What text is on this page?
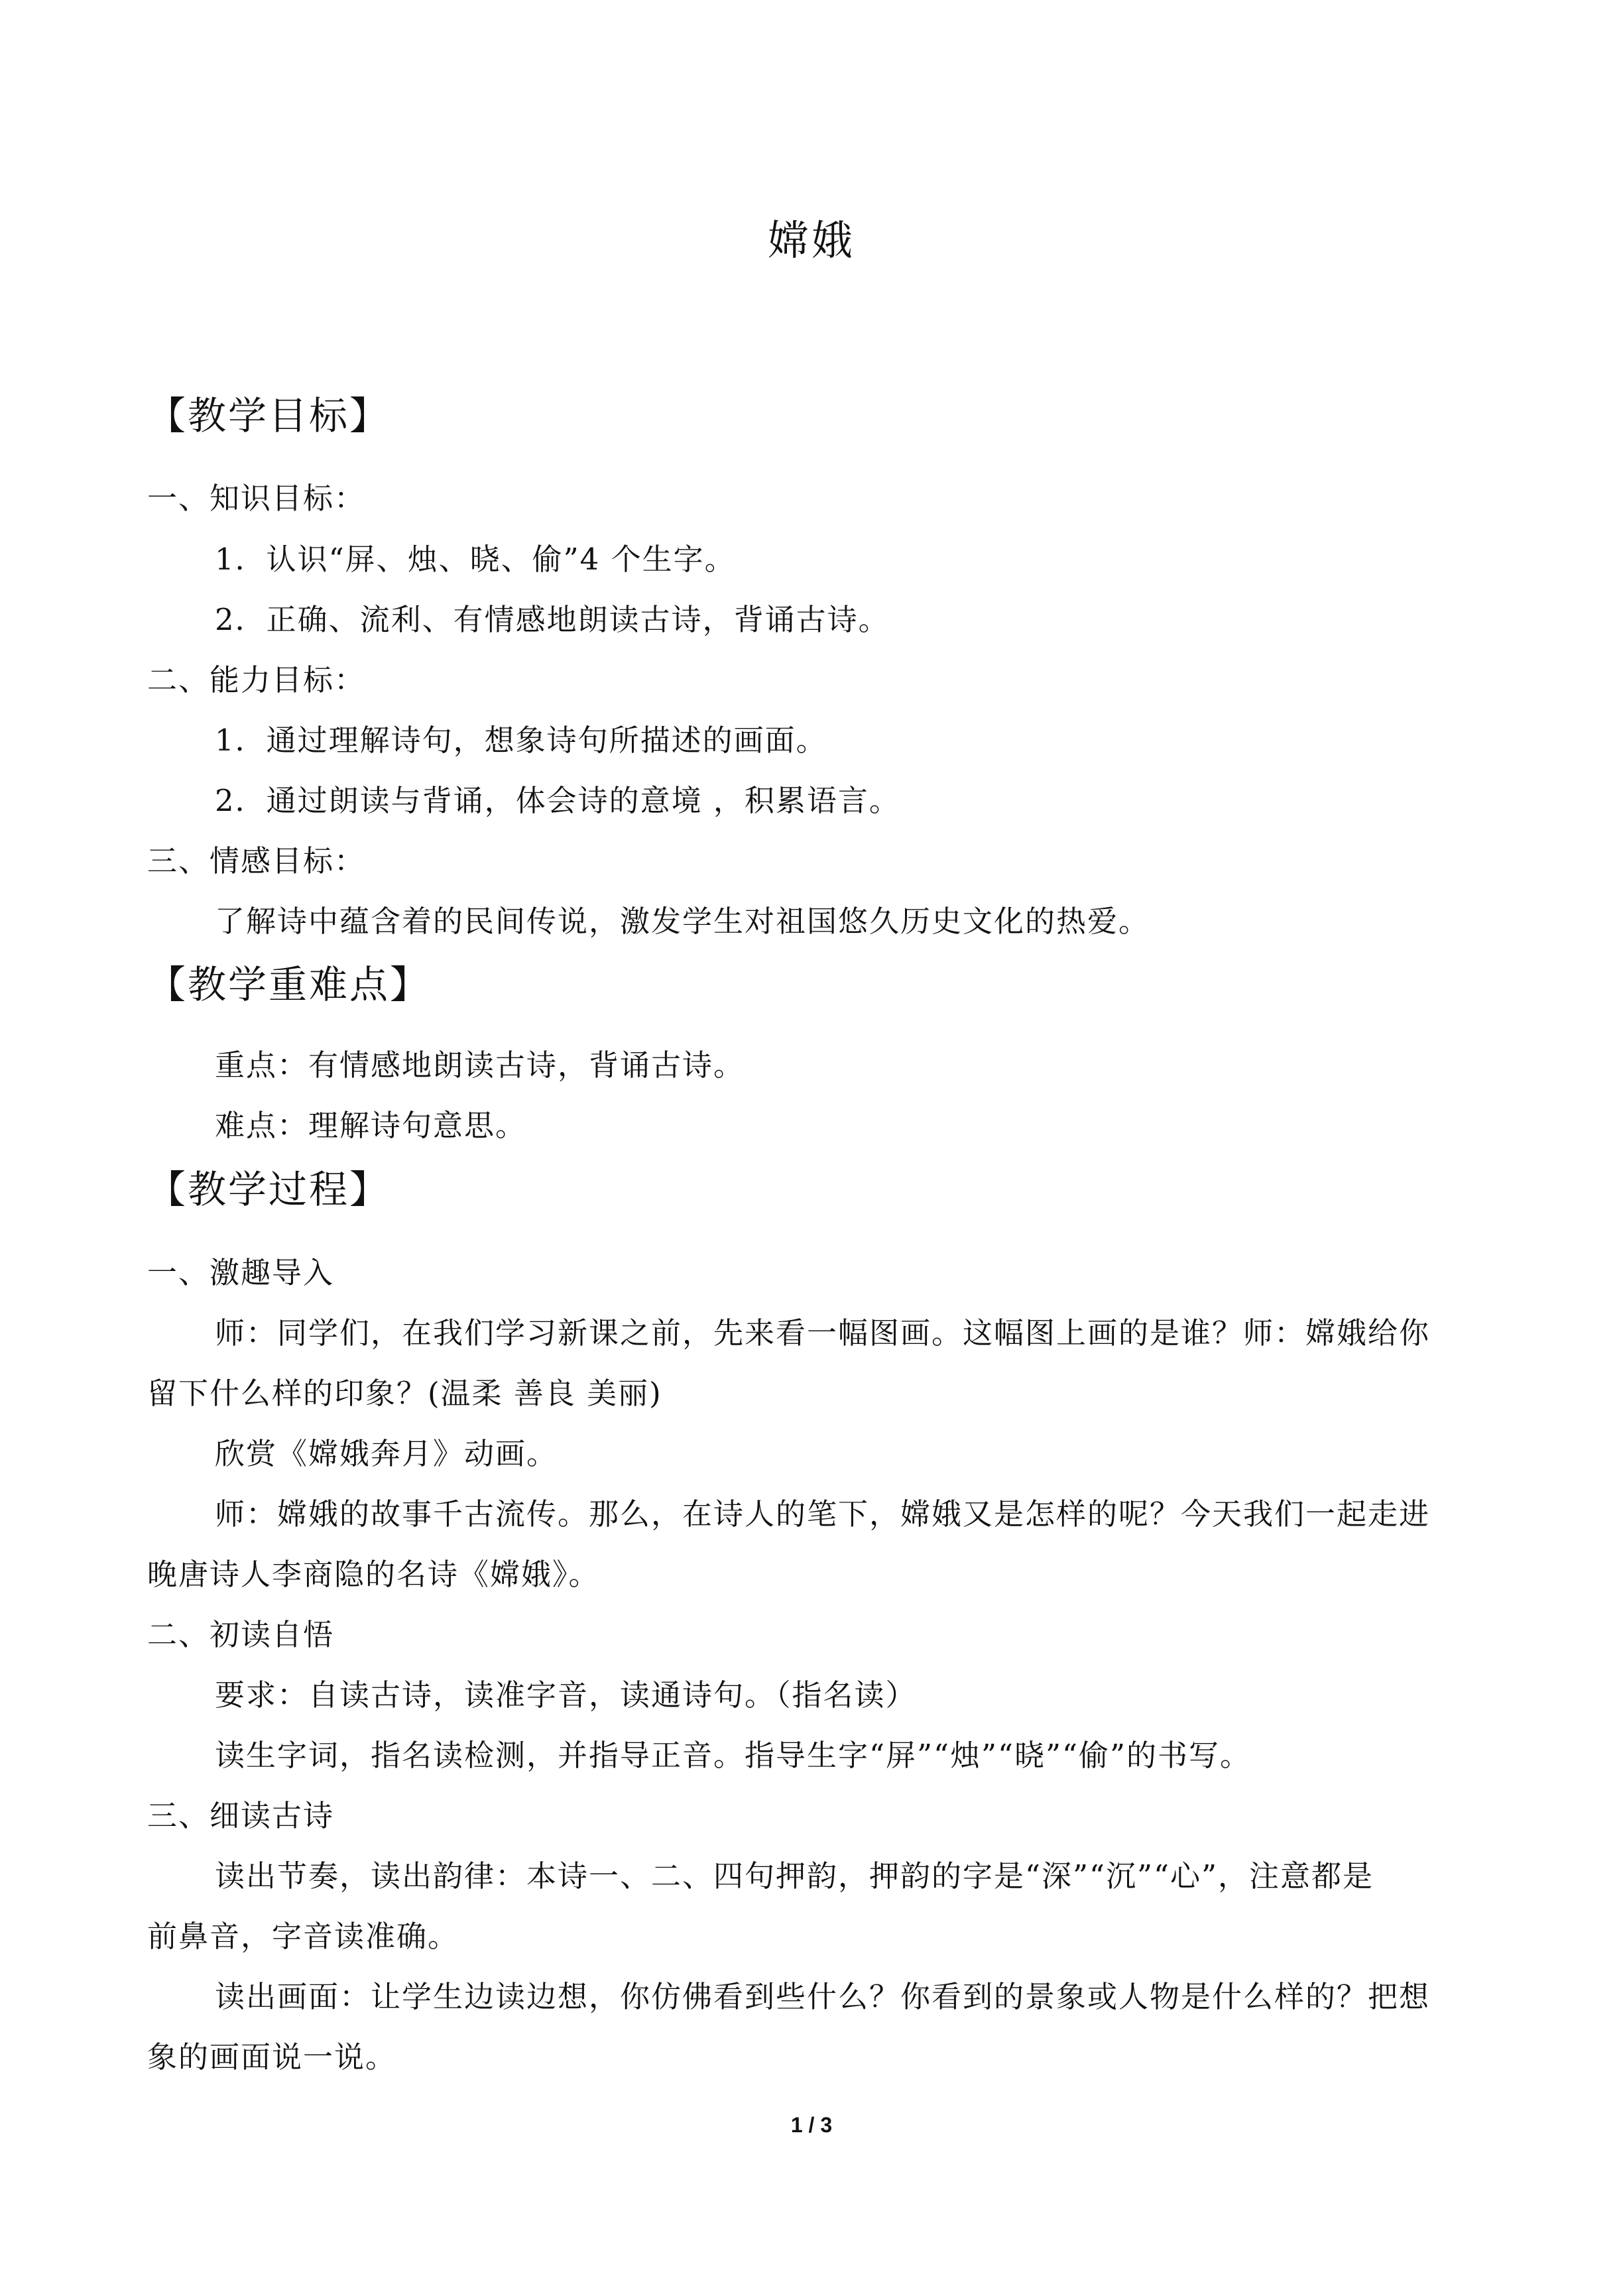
嫦娥
【教学目标】
一、知识目标：
1．认识“屏、烛、晓、偷”4 个生字。
2．正确、流利、有情感地朗读古诗，背诵古诗。
二、能力目标：
1．通过理解诗句，想象诗句所描述的画面。
2．通过朗读与背诵，体会诗的意境 ，积累语言。
三、情感目标：
了解诗中蕴含着的民间传说，激发学生对祖国悠久历史文化的热爱。
【教学重难点】
重点：有情感地朗读古诗，背诵古诗。
难点：理解诗句意思。
【教学过程】
一、激趣导入
师：同学们，在我们学习新课之前，先来看一幅图画。这幅图上画的是谁？师：嫦娥给你
留下什么样的印象？(温柔 善良 美丽)
欣赏《嫦娥奔月》动画。
师：嫦娥的故事千古流传。那么，在诗人的笔下，嫦娥又是怎样的呢？今天我们一起走进
晚唐诗人李商隐的名诗《嫦娥》。
二、初读自悟
要求：自读古诗，读准字音，读通诗句。（指名读）
读生字词，指名读检测，并指导正音。指导生字“屏”“烛”“晓”“偷”的书写。
三、细读古诗
读出节奏，读出韵律：本诗一、二、四句押韵，押韵的字是“深”“沉”“心”，注意都是
前鼻音，字音读准确。
读出画面：让学生边读边想，你仿佛看到些什么？你看到的景象或人物是什么样的？把想
象的画面说一说。
1 / 3
